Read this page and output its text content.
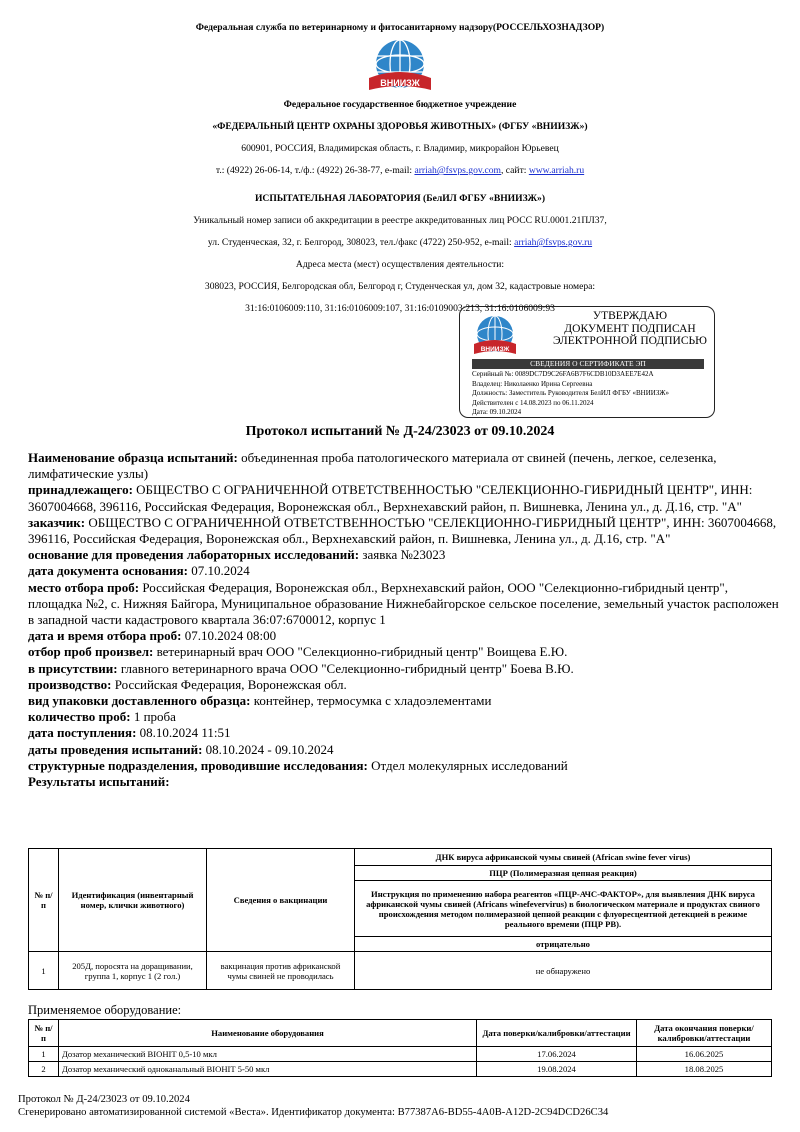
Федеральная служба по ветеринарному и фитосанитарному надзору(РОССЕЛЬХОЗНАДЗОР)
ВНИИЗЖ
Федеральное государственное бюджетное учреждение
«ФЕДЕРАЛЬНЫЙ ЦЕНТР ОХРАНЫ ЗДОРОВЬЯ ЖИВОТНЫХ» (ФГБУ «ВНИИЗЖ»)
600901, РОССИЯ, Владимирская область, г. Владимир, микрорайон Юрьевец
т.: (4922) 26-06-14, т./ф.: (4922) 26-38-77, e-mail: arriah@fsvps.gov.com, сайт: www.arriah.ru
ИСПЫТАТЕЛЬНАЯ ЛАБОРАТОРИЯ (БелИЛ ФГБУ «ВНИИЗЖ»)
Уникальный номер записи об аккредитации в реестре аккредитованных лиц РОСС RU.0001.21ПЛ37,
ул. Студенческая, 32, г. Белгород, 308023, тел./факс (4722) 250-952, e-mail: arriah@fsvps.gov.ru
Адреса места (мест) осуществления деятельности:
308023, РОССИЯ, Белгородская обл, Белгород г, Студенческая ул, дом 32, кадастровые номера:
31:16:0106009:110, 31:16:0106009:107, 31:16:0109003:213, 31:16:0106009:93
ВНИИЗЖ
УТВЕРЖДАЮ
ДОКУМЕНТ ПОДПИСАН
ЭЛЕКТРОННОЙ ПОДПИСЬЮ
СВЕДЕНИЯ О СЕРТИФИКАТЕ ЭП
Серийный №: 0089DC7D9C26FA6B7F6CDB10D3AEE7E42A
Владелец: Николаенко Ирина Сергеевна
Должность: Заместитель Руководителя БелИЛ ФГБУ «ВНИИЗЖ»
Действителен с 14.08.2023 по 06.11.2024
Дата: 09.10.2024
Протокол испытаний № Д-24/23023 от 09.10.2024
Наименование образца испытаний: объединенная проба патологического материала от свиней (печень, легкое, селезенка, лимфатические узлы)
принадлежащего: ОБЩЕСТВО С ОГРАНИЧЕННОЙ ОТВЕТСТВЕННОСТЬЮ "СЕЛЕКЦИОННО-ГИБРИДНЫЙ ЦЕНТР", ИНН: 3607004668, 396116, Российская Федерация, Воронежская обл., Верхнехавский район, п. Вишневка, Ленина ул., д. Д.16, стр. "А"
заказчик: ОБЩЕСТВО С ОГРАНИЧЕННОЙ ОТВЕТСТВЕННОСТЬЮ "СЕЛЕКЦИОННО-ГИБРИДНЫЙ ЦЕНТР", ИНН: 3607004668, 396116, Российская Федерация, Воронежская обл., Верхнехавский район, п. Вишневка, Ленина ул., д. Д.16, стр. "А"
основание для проведения лабораторных исследований: заявка №23023
дата документа основания: 07.10.2024
место отбора проб: Российская Федерация, Воронежская обл., Верхнехавский район, ООО "Селекционно-гибридный центр", площадка №2, с. Нижняя Байгора, Муниципальное образование Нижнебайгорское сельское поселение, земельный участок расположен в западной части кадастрового квартала 36:07:6700012, корпус 1
дата и время отбора проб: 07.10.2024 08:00
отбор проб произвел: ветеринарный врач ООО "Селекционно-гибридный центр" Воищева Е.Ю.
в присутствии: главного ветеринарного врача ООО "Селекционно-гибридный центр" Боева В.Ю.
производство: Российская Федерация, Воронежская обл.
вид упаковки доставленного образца: контейнер, термосумка с хладоэлементами
количество проб: 1 проба
дата поступления: 08.10.2024 11:51
даты проведения испытаний: 08.10.2024 - 09.10.2024
структурные подразделения, проводившие исследования: Отдел молекулярных исследований
Результаты испытаний:
№ п/п	Идентификация (инвентарный номер, клички животного)	Сведения о вакцинации	ДНК вируса африканской чумы свиней (African swine fever virus)
			ПЦР (Полимеразная цепная реакция)
			Инструкция по применению набора реагентов «ПЦР-АЧС-ФАКТОР», для выявления ДНК вируса африканской чумы свиней (Africans winefevervirus) в биологическом материале и продуктах свиного происхождения методом полимеразной цепной реакции с флуоресцентной детекцией в режиме реального времени (ПЦР РВ).
			отрицательно
1	205Д, поросята на доращивании, группа 1, корпус 1 (2 гол.)	вакцинация против африканской чумы свиней не проводилась	не обнаружено
Применяемое оборудование:
№ п/п	Наименование оборудования	Дата поверки/калибровки/аттестации	Дата окончания поверки/калибровки/аттестации
1	Дозатор механический BIOHIT 0,5-10 мкл	17.06.2024	16.06.2025
2	Дозатор механический одноканальный BIOHIT 5-50 мкл	19.08.2024	18.08.2025
Протокол № Д-24/23023 от 09.10.2024
Сгенерировано автоматизированной системой «Веста». Идентификатор документа: B77387A6-BD55-4A0B-A12D-2C94DCD26C34
